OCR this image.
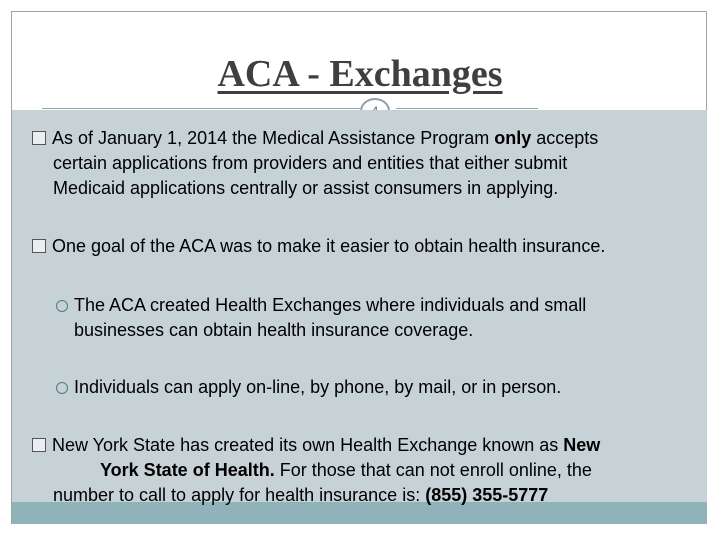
ACA - Exchanges
As of January 1, 2014 the Medical Assistance Program only accepts
certain applications from providers and entities that either submit
Medicaid applications centrally or assist consumers in applying.
One goal of the ACA was to make it easier to obtain health insurance.
The ACA created Health Exchanges where individuals and small
businesses can obtain health insurance coverage.
Individuals can apply on-line, by phone, by mail, or in person.
New York State has created its own Health Exchange known as New
York State of Health. For those that can not enroll online, the
number to call to apply for health insurance is: (855) 355-5777
